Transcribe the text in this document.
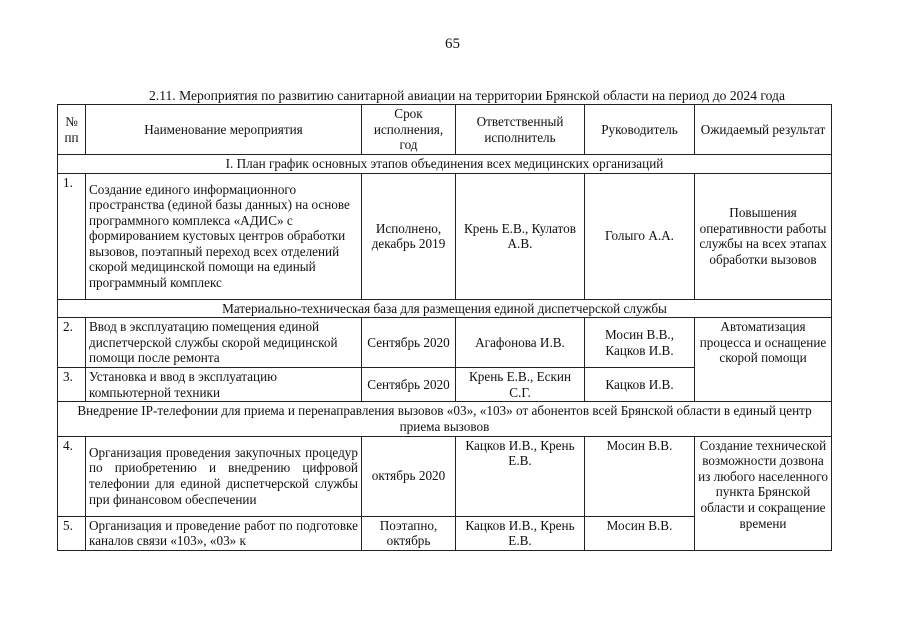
65
2.11. Мероприятия по развитию санитарной авиации на территории Брянской области на период до 2024 года
№ пп	Наименование мероприятия	Срок исполнения, год	Ответственный исполнитель	Руководитель	Ожидаемый результат
I. План график основных этапов объединения всех медицинских организаций					
1.	Создание единого информационного пространства (единой базы данных) на основе программного комплекса «АДИС» с формированием кустовых центров обработки вызовов, поэтапный переход всех отделений скорой медицинской помощи на единый программный комплекс	Исполнено, декабрь 2019	Крень Е.В., Кулатов А.В.	Голыго А.А.	Повышения оперативности работы службы на всех этапах обработки вызовов
Материально-техническая база для размещения единой диспетчерской службы					
2.	Ввод в эксплуатацию помещения единой диспетчерской службы скорой медицинской помощи после ремонта	Сентябрь 2020	Агафонова И.В.	Мосин В.В., Кацков И.В.	Автоматизация процесса и оснащение скорой помощи
3.	Установка и ввод в эксплуатацию компьютерной техники	Сентябрь 2020	Крень Е.В., Ескин С.Г.	Кацков И.В.	
Внедрение IP-телефонии для приема и перенаправления вызовов «03», «103» от абонентов всей Брянской области в единый центр приема вызовов					
4.	Организация проведения закупочных процедур по приобретению и внедрению цифровой телефонии для единой диспетчерской службы при финансовом обеспечении	октябрь 2020	Кацков И.В., Крень Е.В.	Мосин В.В.	Создание технической возможности дозвона из любого населенного пункта Брянской области и сокращение времени
5.	Организация и проведение работ по подготовке каналов связи «103», «03» к	Поэтапно, октябрь	Кацков И.В., Крень Е.В.	Мосин В.В.	
